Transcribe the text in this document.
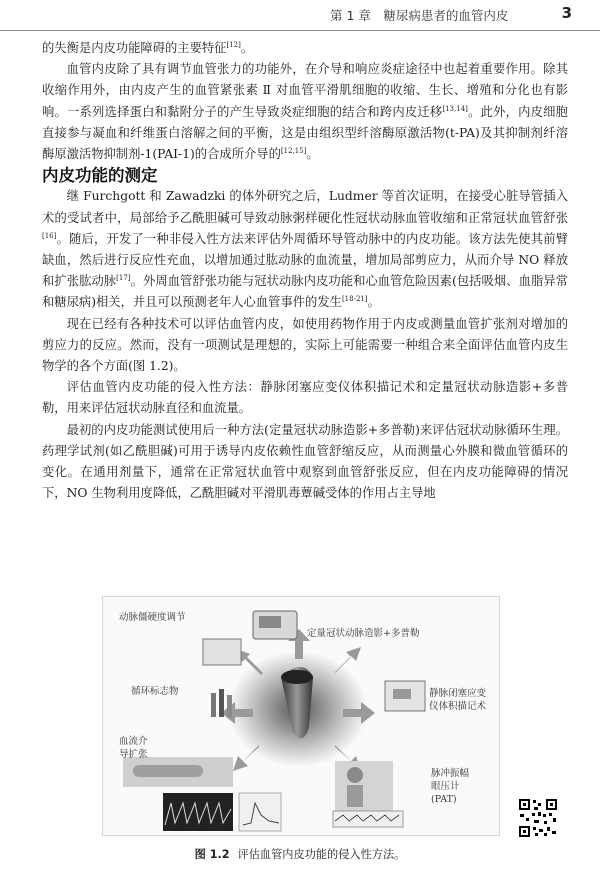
第 1 章　糖尿病患者的血管内皮	3

的失衡是内皮功能障碍的主要特征[12]。

血管内皮除了具有调节血管张力的功能外，在介导和响应炎症途径中也起着重要作用。除其收缩作用外，由内皮产生的血管紧张素 Ⅱ 对血管平滑肌细胞的收缩、生长、增殖和分化也有影响。一系列选择蛋白和黏附分子的产生导致炎症细胞的结合和跨内皮迁移[13,14]。此外，内皮细胞直接参与凝血和纤维蛋白溶解之间的平衡，这是由组织型纤溶酶原激活物(t-PA)及其抑制剂纤溶酶原激活物抑制剂-1(PAI-1)的合成所介导的[12,15]。

内皮功能的测定

继 Furchgott 和 Zawadzki 的体外研究之后，Ludmer 等首次证明，在接受心脏导管插入术的受试者中，局部给予乙酰胆碱可导致动脉粥样硬化性冠状动脉血管收缩和正常冠状血管舒张[16]。随后，开发了一种非侵入性方法来评估外周循环导管动脉中的内皮功能。该方法先使其前臂缺血，然后进行反应性充血，以增加通过肱动脉的血流量，增加局部剪应力，从而介导 NO 释放和扩张肱动脉[17]。外周血管舒张功能与冠状动脉内皮功能和心血管危险因素(包括吸烟、血脂异常和糖尿病)相关，并且可以预测老年人心血管事件的发生[18-21]。

现在已经有各种技术可以评估血管内皮，如使用药物作用于内皮或测量血管扩张剂对增加的剪应力的反应。然而，没有一项测试是理想的，实际上可能需要一种组合来全面评估血管内皮生物学的各个方面(图 1.2)。

评估血管内皮功能的侵入性方法：静脉闭塞应变仪体积描记术和定量冠状动脉造影+多普勒，用来评估冠状动脉直径和血流量。

最初的内皮功能测试使用后一种方法(定量冠状动脉造影+多普勒)来评估冠状动脉循环生理。药理学试剂(如乙酰胆碱)可用于诱导内皮依赖性血管舒缩反应，从而测量心外膜和微血管循环的变化。在通用剂量下，通常在正常冠状血管中观察到血管舒张反应，但在内皮功能障碍的情况下，NO 生物利用度降低，乙酰胆碱对平滑肌毒蕈碱受体的作用占主导地

动脉僵硬度调节
定量冠状动脉造影+多普勒
循环标志物	静脉闭塞应变
仪体积描记术
血流介
导扩张
脉冲振幅
眼压计
(PAT)
图 1.2 评估血管内皮功能的侵入性方法。
